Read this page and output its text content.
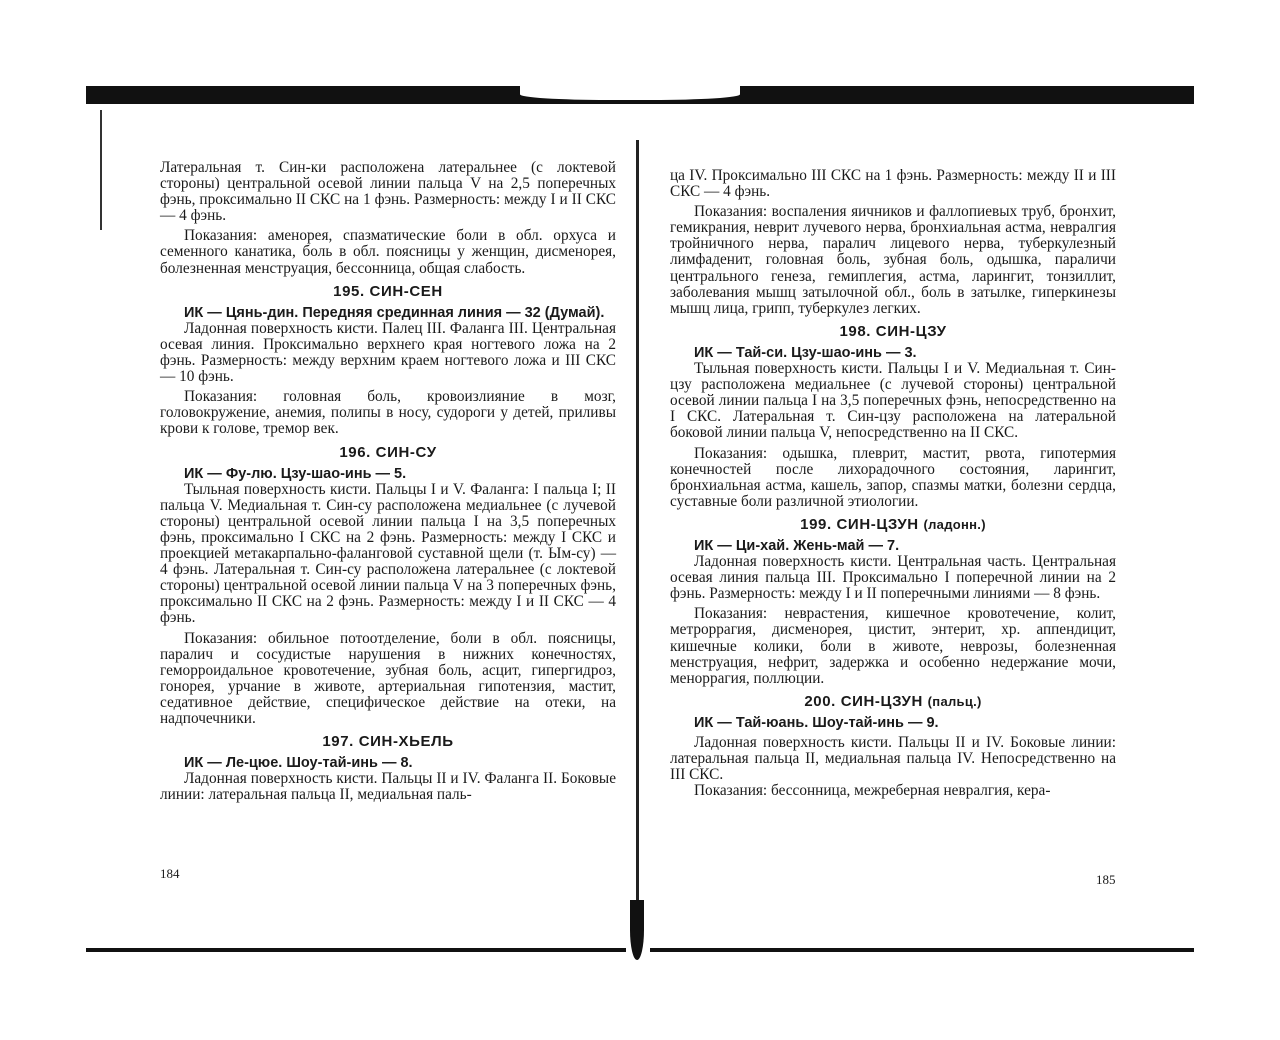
Латеральная т. Син-ки расположена латеральнее (с локтевой стороны) центральной осевой линии пальца V на 2,5 поперечных фэнь, проксимально II СКС на 1 фэнь. Размерность: между I и II СКС — 4 фэнь.

Показания: аменорея, спазматические боли в обл. орхуса и семенного канатика, боль в обл. поясницы у женщин, дисменорея, болезненная менструация, бессонница, общая слабость.

195. СИН-СЕН

ИК — Цянь-дин. Передняя срединная линия — 32 (Думай).

Ладонная поверхность кисти. Палец III. Фаланга III. Центральная осевая линия. Проксимально верхнего края ногтевого ложа на 2 фэнь. Размерность: между верхним краем ногтевого ложа и III СКС — 10 фэнь.

Показания: головная боль, кровоизлияние в мозг, головокружение, анемия, полипы в носу, судороги у детей, приливы крови к голове, тремор век.

196. СИН-СУ

ИК — Фу-лю. Цзу-шао-инь — 5.

Тыльная поверхность кисти. Пальцы I и V. Фаланга: I пальца I; II пальца V. Медиальная т. Син-су расположена медиальнее (с лучевой стороны) центральной осевой линии пальца I на 3,5 поперечных фэнь, проксимально I СКС на 2 фэнь. Размерность: между I СКС и проекцией метакарпально-фаланговой суставной щели (т. Ым-су) — 4 фэнь. Латеральная т. Син-су расположена латеральнее (с локтевой стороны) центральной осевой линии пальца V на 3 поперечных фэнь, проксимально II СКС на 2 фэнь. Размерность: между I и II СКС — 4 фэнь.

Показания: обильное потоотделение, боли в обл. поясницы, паралич и сосудистые нарушения в нижних конечностях, геморроидальное кровотечение, зубная боль, асцит, гипергидроз, гонорея, урчание в животе, артериальная гипотензия, мастит, седативное действие, специфическое действие на отеки, на надпочечники.

197. СИН-ХЬЕЛЬ

ИК — Ле-цюе. Шоу-тай-инь — 8.

Ладонная поверхность кисти. Пальцы II и IV. Фаланга II. Боковые линии: латеральная пальца II, медиальная паль-

184

ца IV. Проксимально III СКС на 1 фэнь. Размерность: между II и III СКС — 4 фэнь.

Показания: воспаления яичников и фаллопиевых труб, бронхит, гемикрания, неврит лучевого нерва, бронхиальная астма, невралгия тройничного нерва, паралич лицевого нерва, туберкулезный лимфаденит, головная боль, зубная боль, одышка, параличи центрального генеза, гемиплегия, астма, ларингит, тонзиллит, заболевания мышц затылочной обл., боль в затылке, гиперкинезы мышц лица, грипп, туберкулез легких.

198. СИН-ЦЗУ

ИК — Тай-си. Цзу-шао-инь — 3.

Тыльная поверхность кисти. Пальцы I и V. Медиальная т. Син-цзу расположена медиальнее (с лучевой стороны) центральной осевой линии пальца I на 3,5 поперечных фэнь, непосредственно на I СКС. Латеральная т. Син-цзу расположена на латеральной боковой линии пальца V, непосредственно на II СКС.

Показания: одышка, плеврит, мастит, рвота, гипотермия конечностей после лихорадочного состояния, ларингит, бронхиальная астма, кашель, запор, спазмы матки, болезни сердца, суставные боли различной этиологии.

199. СИН-ЦЗУН (ладонн.)

ИК — Ци-хай. Жень-май — 7.

Ладонная поверхность кисти. Центральная часть. Центральная осевая линия пальца III. Проксимально I поперечной линии на 2 фэнь. Размерность: между I и II поперечными линиями — 8 фэнь.

Показания: неврастения, кишечное кровотечение, колит, метроррагия, дисменорея, цистит, энтерит, хр. аппендицит, кишечные колики, боли в животе, неврозы, болезненная менструация, нефрит, задержка и особенно недержание мочи, меноррагия, поллюции.

200. СИН-ЦЗУН (пальц.)

ИК — Тай-юань. Шоу-тай-инь — 9.

Ладонная поверхность кисти. Пальцы II и IV. Боковые линии: латеральная пальца II, медиальная пальца IV. Непосредственно на III СКС.

Показания: бессонница, межреберная невралгия, кера-

185
